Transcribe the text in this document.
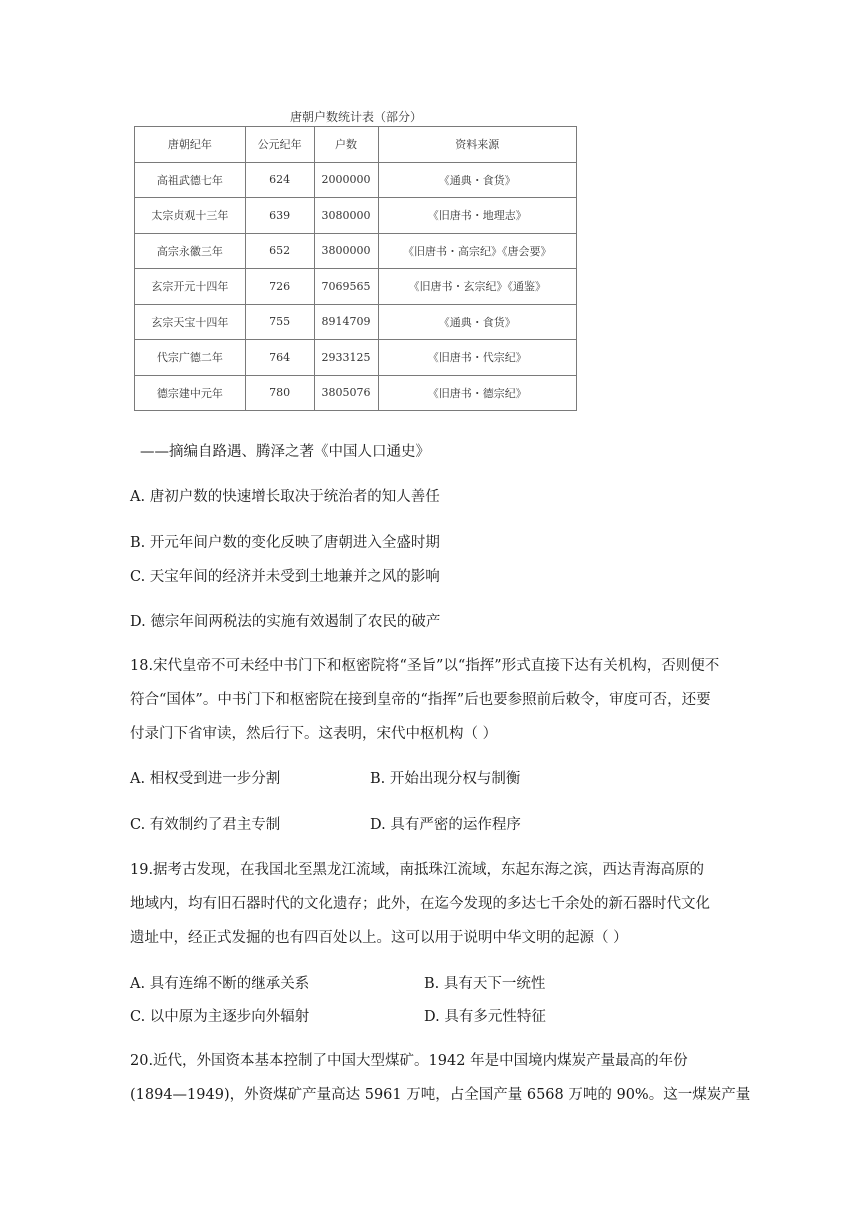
唐朝户数统计表（部分）
唐朝纪年	公元纪年	户数	资料来源
高祖武德七年	624	2000000	《通典・食货》
太宗贞观十三年	639	3080000	《旧唐书・地理志》
高宗永徽三年	652	3800000	《旧唐书・高宗纪》《唐会要》
玄宗开元十四年	726	7069565	《旧唐书・玄宗纪》《通鉴》
玄宗天宝十四年	755	8914709	《通典・食货》
代宗广德二年	764	2933125	《旧唐书・代宗纪》
德宗建中元年	780	3805076	《旧唐书・德宗纪》
——摘编自路遇、腾泽之著《中国人口通史》
A. 唐初户数的快速增长取决于统治者的知人善任
B. 开元年间户数的变化反映了唐朝进入全盛时期
C. 天宝年间的经济并未受到土地兼并之风的影响
D. 德宗年间两税法的实施有效遏制了农民的破产
18.宋代皇帝不可未经中书门下和枢密院将“圣旨”以“指挥”形式直接下达有关机构，否则便不
符合“国体”。中书门下和枢密院在接到皇帝的“指挥”后也要参照前后敕令，审度可否，还要
付录门下省审读，然后行下。这表明，宋代中枢机构（ ）
A. 相权受到进一步分割	B. 开始出现分权与制衡
C. 有效制约了君主专制	D. 具有严密的运作程序
19.据考古发现，在我国北至黑龙江流域，南抵珠江流域，东起东海之滨，西达青海高原的
地域内，均有旧石器时代的文化遗存；此外，在迄今发现的多达七千余处的新石器时代文化
遗址中，经正式发掘的也有四百处以上。这可以用于说明中华文明的起源（ ）
A. 具有连绵不断的继承关系	B. 具有天下一统性
C. 以中原为主逐步向外辐射	D. 具有多元性特征
20.近代，外国资本基本控制了中国大型煤矿。1942 年是中国境内煤炭产量最高的年份
(1894—1949)，外资煤矿产量高达 5961 万吨，占全国产量 6568 万吨的 90%。这一煤炭产量
